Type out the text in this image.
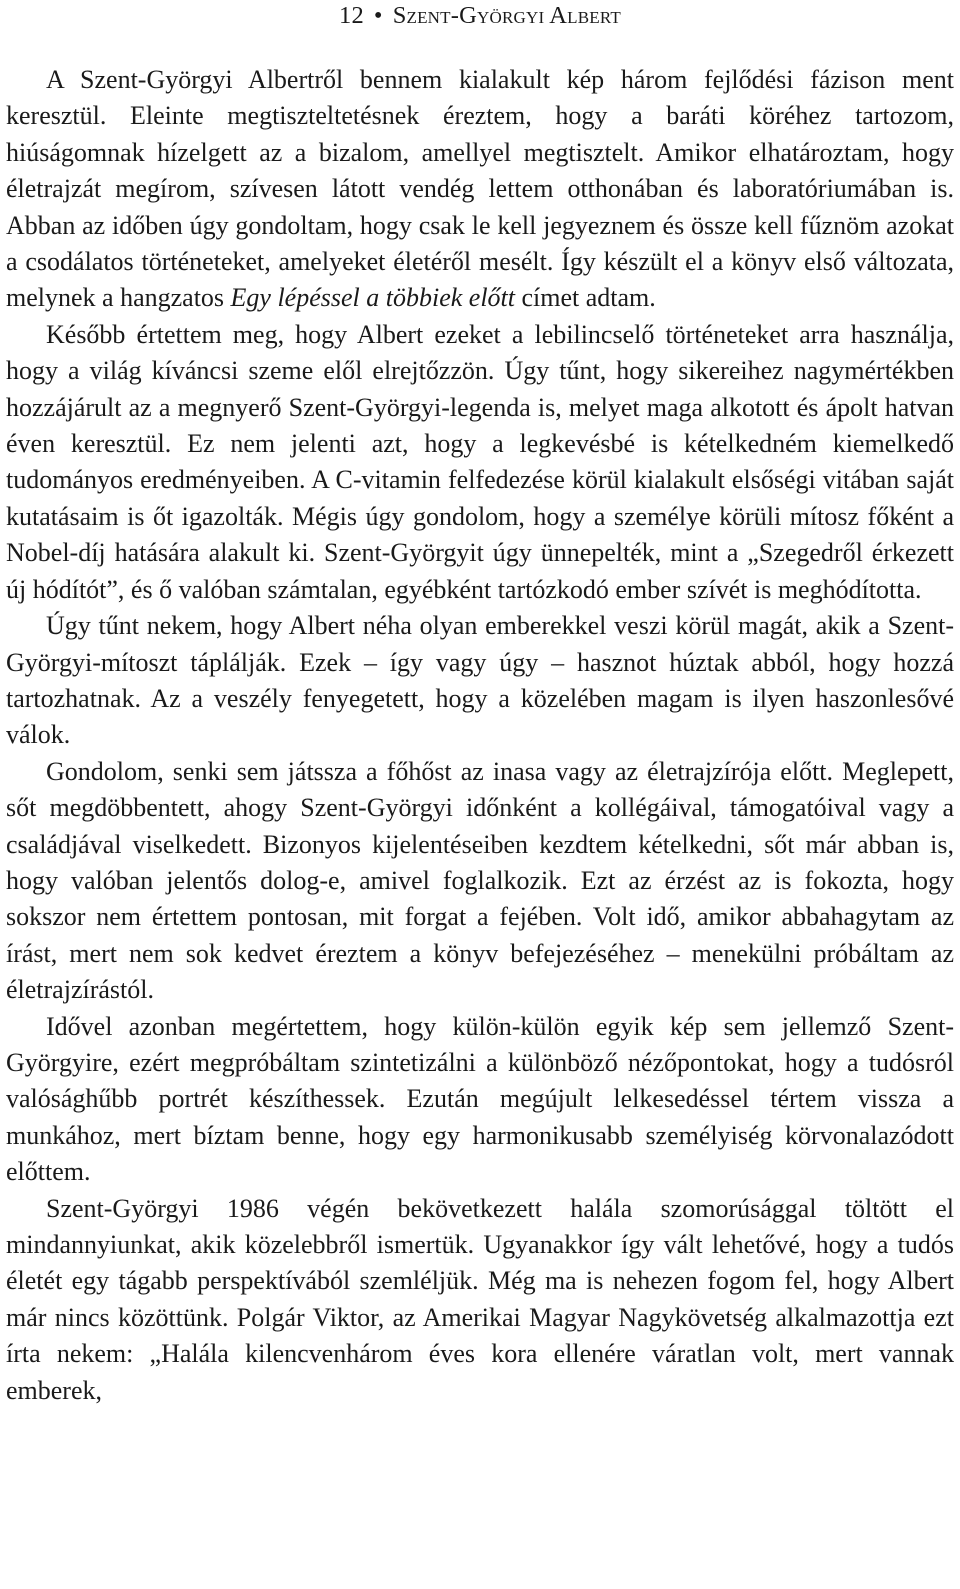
12 • Szent-Györgyi Albert

A Szent-Györgyi Albertről bennem kialakult kép három fejlődési fázison ment keresztül. Eleinte megtiszteltetésnek éreztem, hogy a baráti köréhez tartozom, hiúságomnak hízelgett az a bizalom, amellyel megtisztelt. Amikor elhatároztam, hogy életrajzát megírom, szívesen látott vendég lettem otthonában és laboratóriumában is. Abban az időben úgy gondoltam, hogy csak le kell jegyeznem és össze kell fűznöm azokat a csodálatos történeteket, amelyeket életéről mesélt. Így készült el a könyv első változata, melynek a hangzatos Egy lépéssel a többiek előtt címet adtam.

Később értettem meg, hogy Albert ezeket a lebilincselő történeteket arra használja, hogy a világ kíváncsi szeme elől elrejtőzzön. Úgy tűnt, hogy sikereihez nagymértékben hozzájárult az a megnyerő Szent-Györgyi-legenda is, melyet maga alkotott és ápolt hatvan éven keresztül. Ez nem jelenti azt, hogy a legkevésbé is kételkedném kiemelkedő tudományos eredményeiben. A C-vitamin felfedezése körül kialakult elsőségi vitában saját kutatásaim is őt igazolták. Mégis úgy gondolom, hogy a személye körüli mítosz főként a Nobel-díj hatására alakult ki. Szent-Györgyit úgy ünnepelték, mint a „Szegedről érkezett új hódítót”, és ő valóban számtalan, egyébként tartózkodó ember szívét is meghódította.

Úgy tűnt nekem, hogy Albert néha olyan emberekkel veszi körül magát, akik a Szent-Györgyi-mítoszt táplálják. Ezek – így vagy úgy – hasznot húztak abból, hogy hozzá tartozhatnak. Az a veszély fenyegetett, hogy a közelében magam is ilyen haszonlesővé válok.

Gondolom, senki sem játssza a főhőst az inasa vagy az életrajzírója előtt. Meglepett, sőt megdöbbentett, ahogy Szent-Györgyi időnként a kollégáival, támogatóival vagy a családjával viselkedett. Bizonyos kijelentéseiben kezdtem kételkedni, sőt már abban is, hogy valóban jelentős dolog-e, amivel foglalkozik. Ezt az érzést az is fokozta, hogy sokszor nem értettem pontosan, mit forgat a fejében. Volt idő, amikor abbahagytam az írást, mert nem sok kedvet éreztem a könyv befejezéséhez – menekülni próbáltam az életrajzírástól.

Idővel azonban megértettem, hogy külön-külön egyik kép sem jellemző Szent-Györgyire, ezért megpróbáltam szintetizálni a különböző nézőpontokat, hogy a tudósról valósághűbb portrét készíthessek. Ezután megújult lelkesedéssel tértem vissza a munkához, mert bíztam benne, hogy egy harmonikusabb személyiség körvonalazódott előttem.

Szent-Györgyi 1986 végén bekövetkezett halála szomorúsággal töltött el mindannyiunkat, akik közelebbről ismertük. Ugyanakkor így vált lehetővé, hogy a tudós életét egy tágabb perspektívából szemléljük. Még ma is nehezen fogom fel, hogy Albert már nincs közöttünk. Polgár Viktor, az Amerikai Magyar Nagykövetség alkalmazottja ezt írta nekem: „Halála kilencvenhárom éves kora ellenére váratlan volt, mert vannak emberek,
